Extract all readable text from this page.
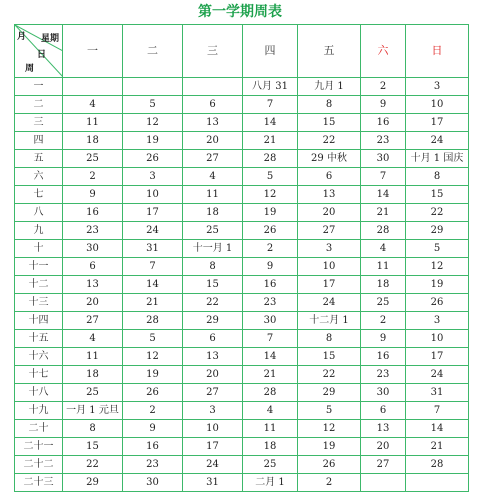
第一学期周表
月 星期
日
周	一	二	三	四	五	六	日
一				八月 31	九月 1	2	3
二	4	5	6	7	8	9	10
三	11	12	13	14	15	16	17
四	18	19	20	21	22	23	24
五	25	26	27	28	29 中秋	30	十月 1 国庆
六	2	3	4	5	6	7	8
七	9	10	11	12	13	14	15
八	16	17	18	19	20	21	22
九	23	24	25	26	27	28	29
十	30	31	十一月 1	2	3	4	5
十一	6	7	8	9	10	11	12
十二	13	14	15	16	17	18	19
十三	20	21	22	23	24	25	26
十四	27	28	29	30	十二月 1	2	3
十五	4	5	6	7	8	9	10
十六	11	12	13	14	15	16	17
十七	18	19	20	21	22	23	24
十八	25	26	27	28	29	30	31
十九	一月 1 元旦	2	3	4	5	6	7
二十	8	9	10	11	12	13	14
二十一	15	16	17	18	19	20	21
二十二	22	23	24	25	26	27	28
二十三	29	30	31	二月 1	2		
